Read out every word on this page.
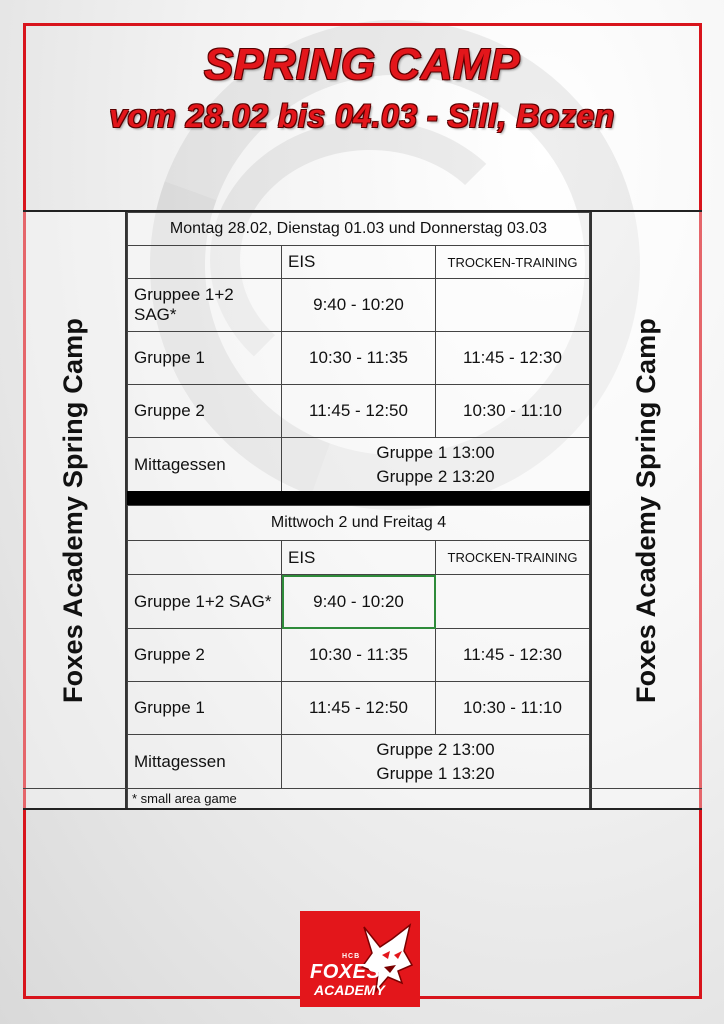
SPRING CAMP
vom 28.02 bis 04.03 - Sill, Bozen
Foxes Academy Spring Camp	Foxes Academy Spring Camp
Montag 28.02, Dienstag 01.03 und Donnerstag 03.03		
	EIS	TROCKEN-TRAINING
Gruppee 1+2 SAG*	9:40 - 10:20	
Gruppe 1	10:30 - 11:35	11:45 - 12:30
Gruppe 2	11:45 - 12:50	10:30 - 11:10
Mittagessen	Gruppe 1 13:00
Gruppe 2 13:20	
Mittwoch 2 und Freitag 4		
	EIS	TROCKEN-TRAINING
Gruppe 1+2 SAG*	9:40 - 10:20	
Gruppe 2	10:30 - 11:35	11:45 - 12:30
Gruppe 1	11:45 - 12:50	10:30 - 11:10
Mittagessen	Gruppe 2 13:00
Gruppe 1 13:20	
* small area game
HCB
FOXES
ACADEMY
